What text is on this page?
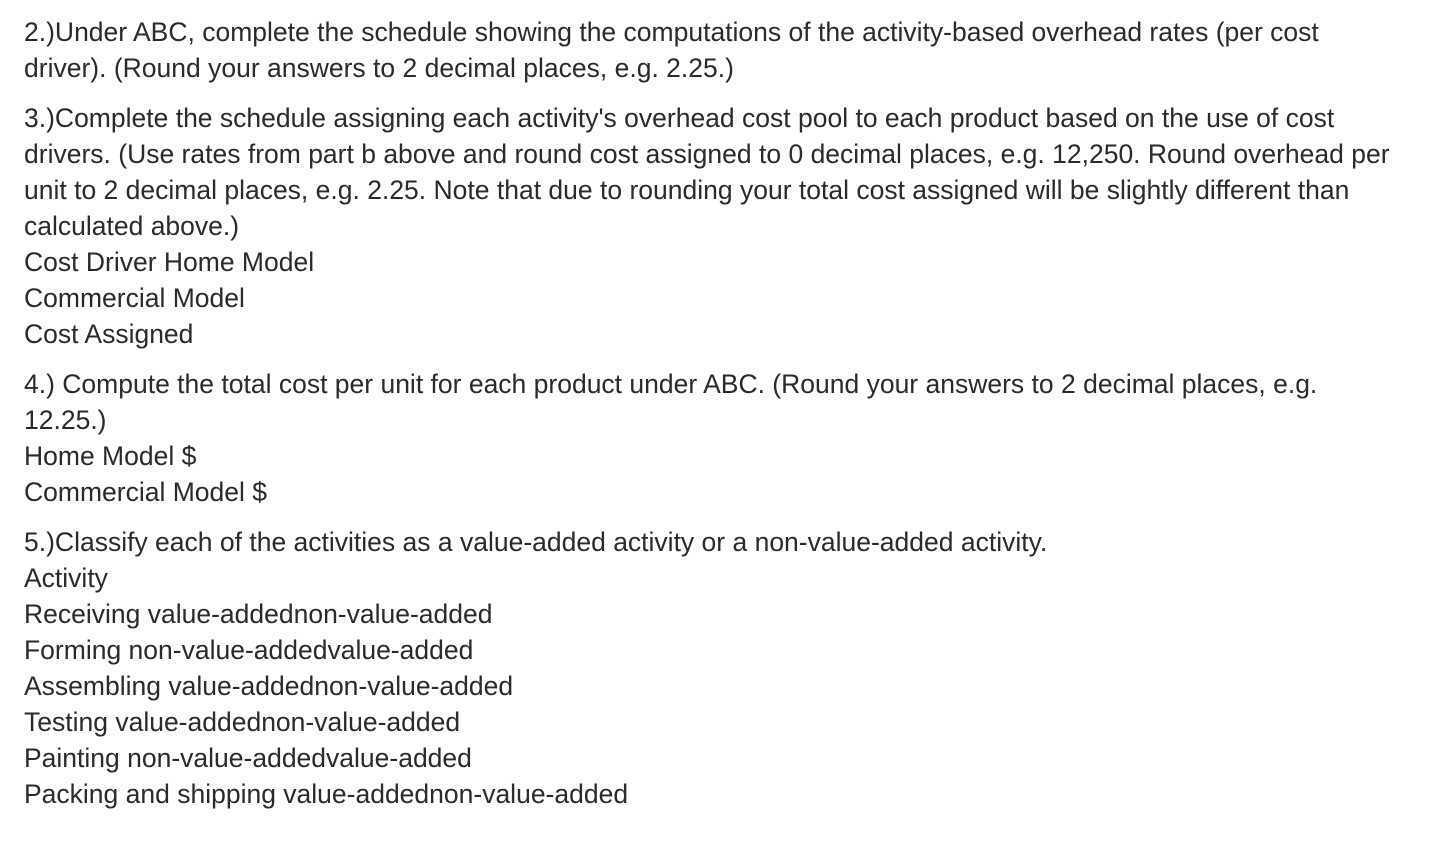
2.)Under ABC, complete the schedule showing the computations of the activity-based overhead rates (per cost driver). (Round your answers to 2 decimal places, e.g. 2.25.)
3.)Complete the schedule assigning each activity's overhead cost pool to each product based on the use of cost drivers. (Use rates from part b above and round cost assigned to 0 decimal places, e.g. 12,250. Round overhead per unit to 2 decimal places, e.g. 2.25. Note that due to rounding your total cost assigned will be slightly different than calculated above.)
Cost Driver Home Model
Commercial Model
Cost Assigned
4.) Compute the total cost per unit for each product under ABC. (Round your answers to 2 decimal places, e.g. 12.25.)
Home Model $
Commercial Model $
5.)Classify each of the activities as a value-added activity or a non-value-added activity.
Activity
Receiving value-addednon-value-added
Forming non-value-addedvalue-added
Assembling value-addednon-value-added
Testing value-addednon-value-added
Painting non-value-addedvalue-added
Packing and shipping value-addednon-value-added
